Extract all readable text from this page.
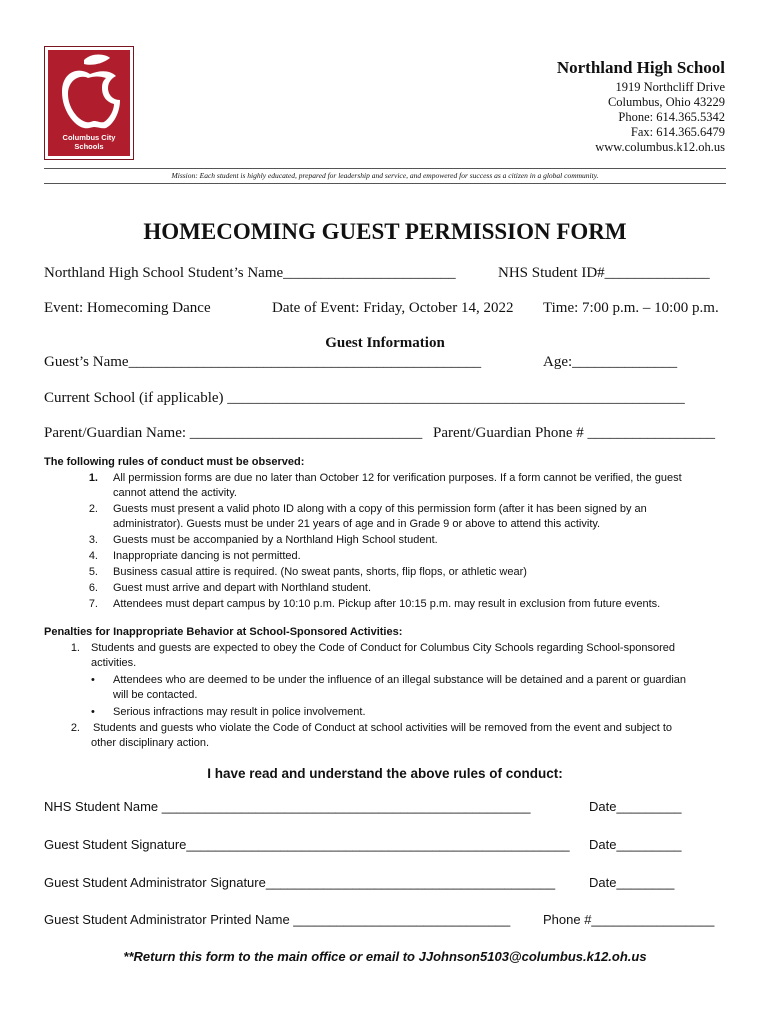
Columbus City Schools
Northland High School
1919 Northcliff Drive
Columbus, Ohio 43229
Phone: 614.365.5342
Fax: 614.365.6479
www.columbus.k12.oh.us
Mission: Each student is highly educated, prepared for leadership and service, and empowered for success as a citizen in a global community.
HOMECOMING GUEST PERMISSION FORM
Northland High School Student’s Name_______________________	NHS Student ID#______________
Event: Homecoming Dance	Date of Event: Friday, October 14, 2022 Time: 7:00 p.m. – 10:00 p.m.
Guest Information
Guest’s Name_______________________________________________	Age:______________
Current School (if applicable) _____________________________________________________________
Parent/Guardian Name: _______________________________ Parent/Guardian Phone # _________________
The following rules of conduct must be observed:
1. All permission forms are due no later than October 12 for verification purposes. If a form cannot be verified, the guest
cannot attend the activity.
2. Guests must present a valid photo ID along with a copy of this permission form (after it has been signed by an
administrator). Guests must be under 21 years of age and in Grade 9 or above to attend this activity.
3. Guests must be accompanied by a Northland High School student.
4. Inappropriate dancing is not permitted.
5. Business casual attire is required. (No sweat pants, shorts, flip flops, or athletic wear)
6. Guest must arrive and depart with Northland student.
7. Attendees must depart campus by 10:10 p.m. Pickup after 10:15 p.m. may result in exclusion from future events.
Penalties for Inappropriate Behavior at School-Sponsored Activities:
1. Students and guests are expected to obey the Code of Conduct for Columbus City Schools regarding School-sponsored
activities.
• Attendees who are deemed to be under the influence of an illegal substance will be detained and a parent or guardian
will be contacted.
• Serious infractions may result in police involvement.
2. Students and guests who violate the Code of Conduct at school activities will be removed from the event and subject to
other disciplinary action.
I have read and understand the above rules of conduct:
NHS Student Name ___________________________________________________	Date_________
Guest Student Signature_____________________________________________________ Date_________
Guest Student Administrator Signature________________________________________	Date________
Guest Student Administrator Printed Name ______________________________	Phone #_________________
**Return this form to the main office or email to JJohnson5103@columbus.k12.oh.us
